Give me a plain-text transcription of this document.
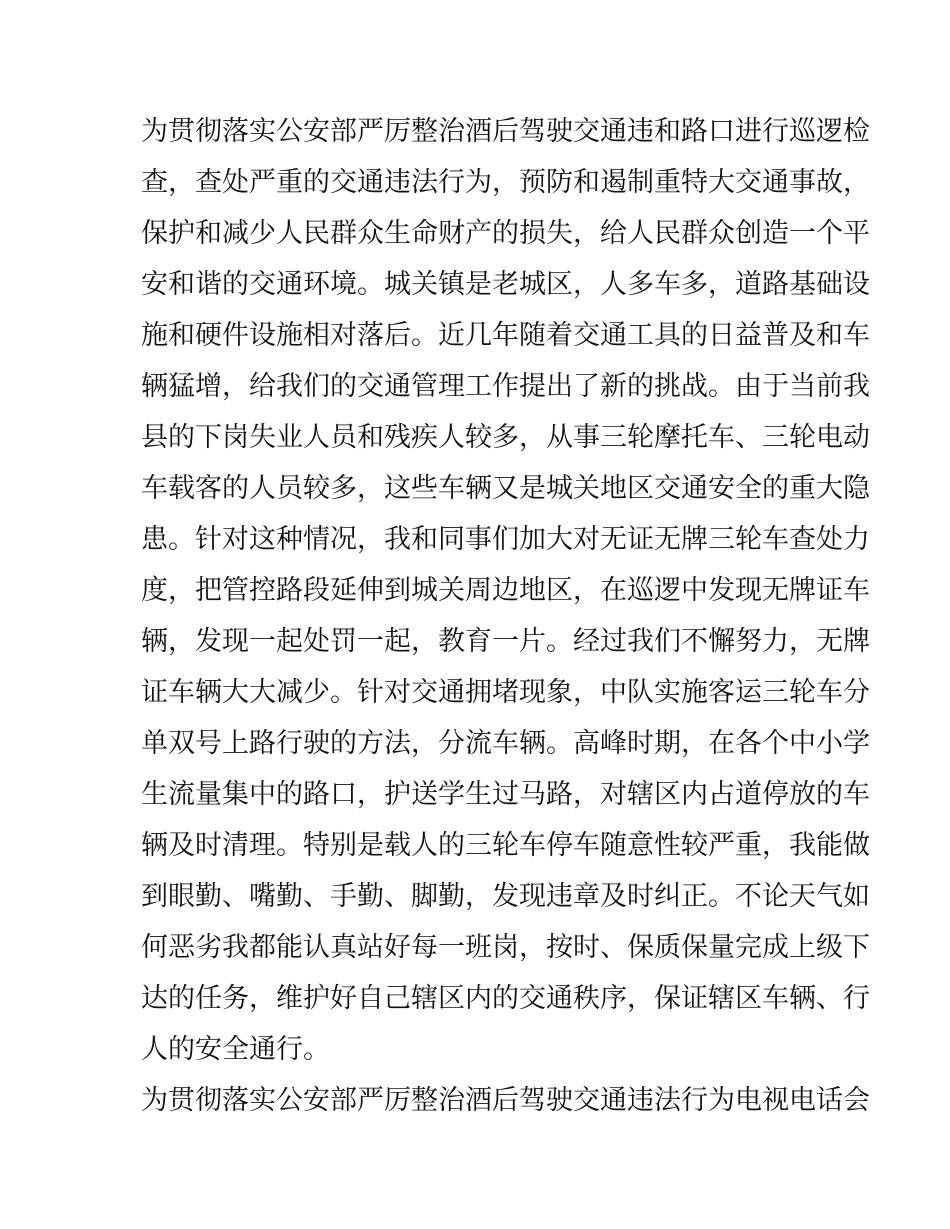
为贯彻落实公安部严厉整治酒后驾驶交通违和路口进行巡逻检
查，查处严重的交通违法行为，预防和遏制重特大交通事故，
保护和减少人民群众生命财产的损失，给人民群众创造一个平
安和谐的交通环境。城关镇是老城区，人多车多，道路基础设
施和硬件设施相对落后。近几年随着交通工具的日益普及和车
辆猛增，给我们的交通管理工作提出了新的挑战。由于当前我
县的下岗失业人员和残疾人较多，从事三轮摩托车、三轮电动
车载客的人员较多，这些车辆又是城关地区交通安全的重大隐
患。针对这种情况，我和同事们加大对无证无牌三轮车查处力
度，把管控路段延伸到城关周边地区，在巡逻中发现无牌证车
辆，发现一起处罚一起，教育一片。经过我们不懈努力，无牌
证车辆大大减少。针对交通拥堵现象，中队实施客运三轮车分
单双号上路行驶的方法，分流车辆。高峰时期，在各个中小学
生流量集中的路口，护送学生过马路，对辖区内占道停放的车
辆及时清理。特别是载人的三轮车停车随意性较严重，我能做
到眼勤、嘴勤、手勤、脚勤，发现违章及时纠正。不论天气如
何恶劣我都能认真站好每一班岗，按时、保质保量完成上级下
达的任务，维护好自己辖区内的交通秩序，保证辖区车辆、行
人的安全通行。
为贯彻落实公安部严厉整治酒后驾驶交通违法行为电视电话会
